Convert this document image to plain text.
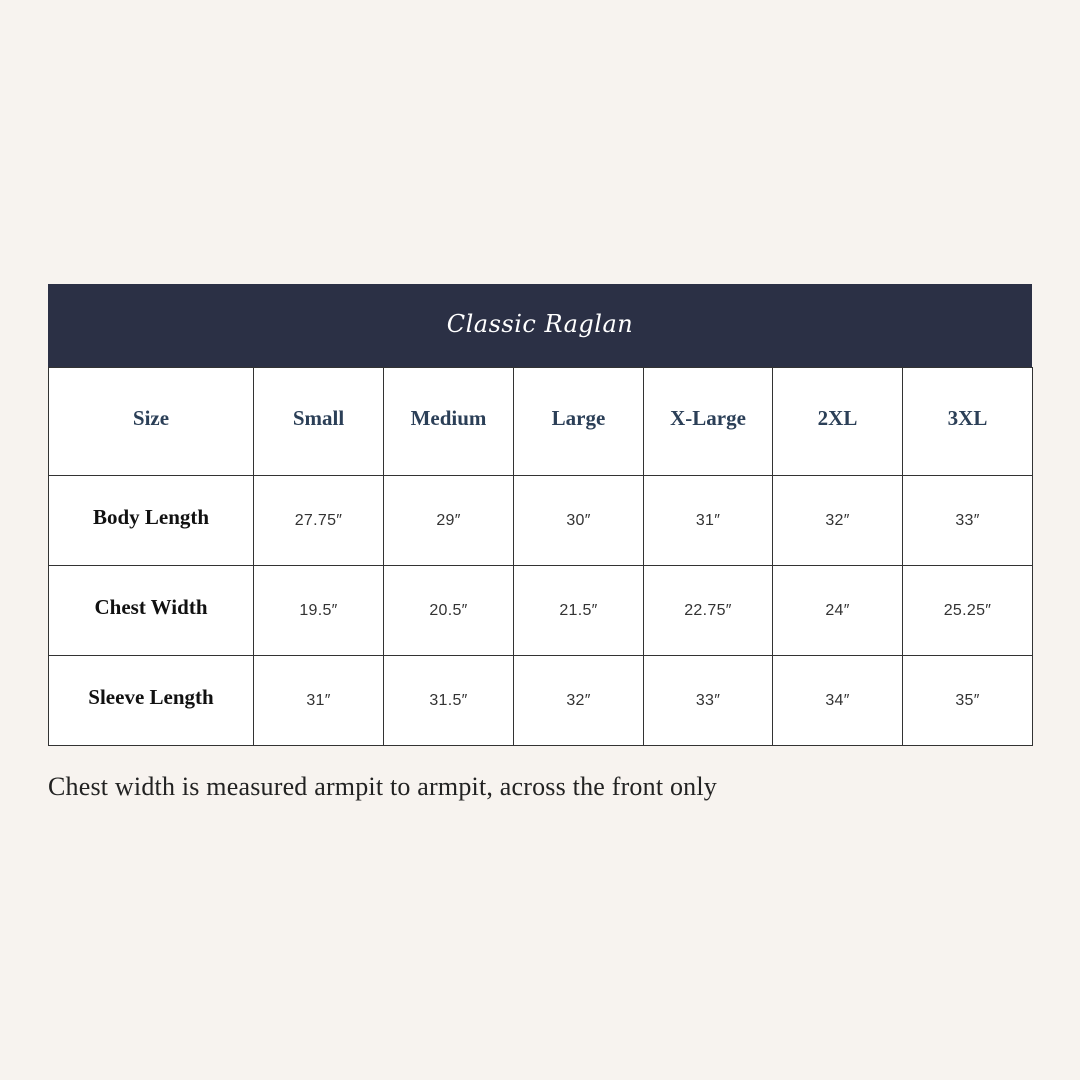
Classic Raglan
Size	Small	Medium	Large	X-Large	2XL	3XL
Body Length	27.75″	29″	30″	31″	32″	33″
Chest Width	19.5″	20.5″	21.5″	22.75″	24″	25.25″
Sleeve Length	31″	31.5″	32″	33″	34″	35″
Chest width is measured armpit to armpit, across the front only
